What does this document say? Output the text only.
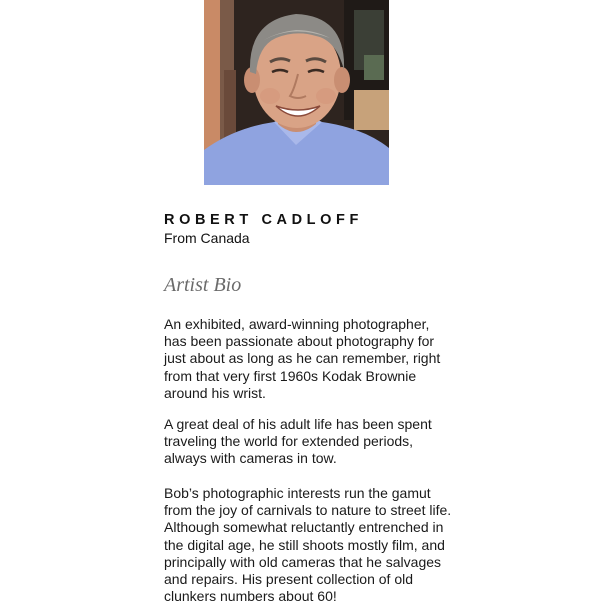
ROBERT CADLOFF
From Canada
Artist Bio

An exhibited, award-winning photographer,
has been passionate about photography for
just about as long as he can remember, right
from that very first 1960s Kodak Brownie
around his wrist.

A great deal of his adult life has been spent
traveling the world for extended periods,
always with cameras in tow.

Bob’s photographic interests run the gamut
from the joy of carnivals to nature to street life.
Although somewhat reluctantly entrenched in
the digital age, he still shoots mostly film, and
principally with old cameras that he salvages
and repairs. His present collection of old
clunkers numbers about 60!
